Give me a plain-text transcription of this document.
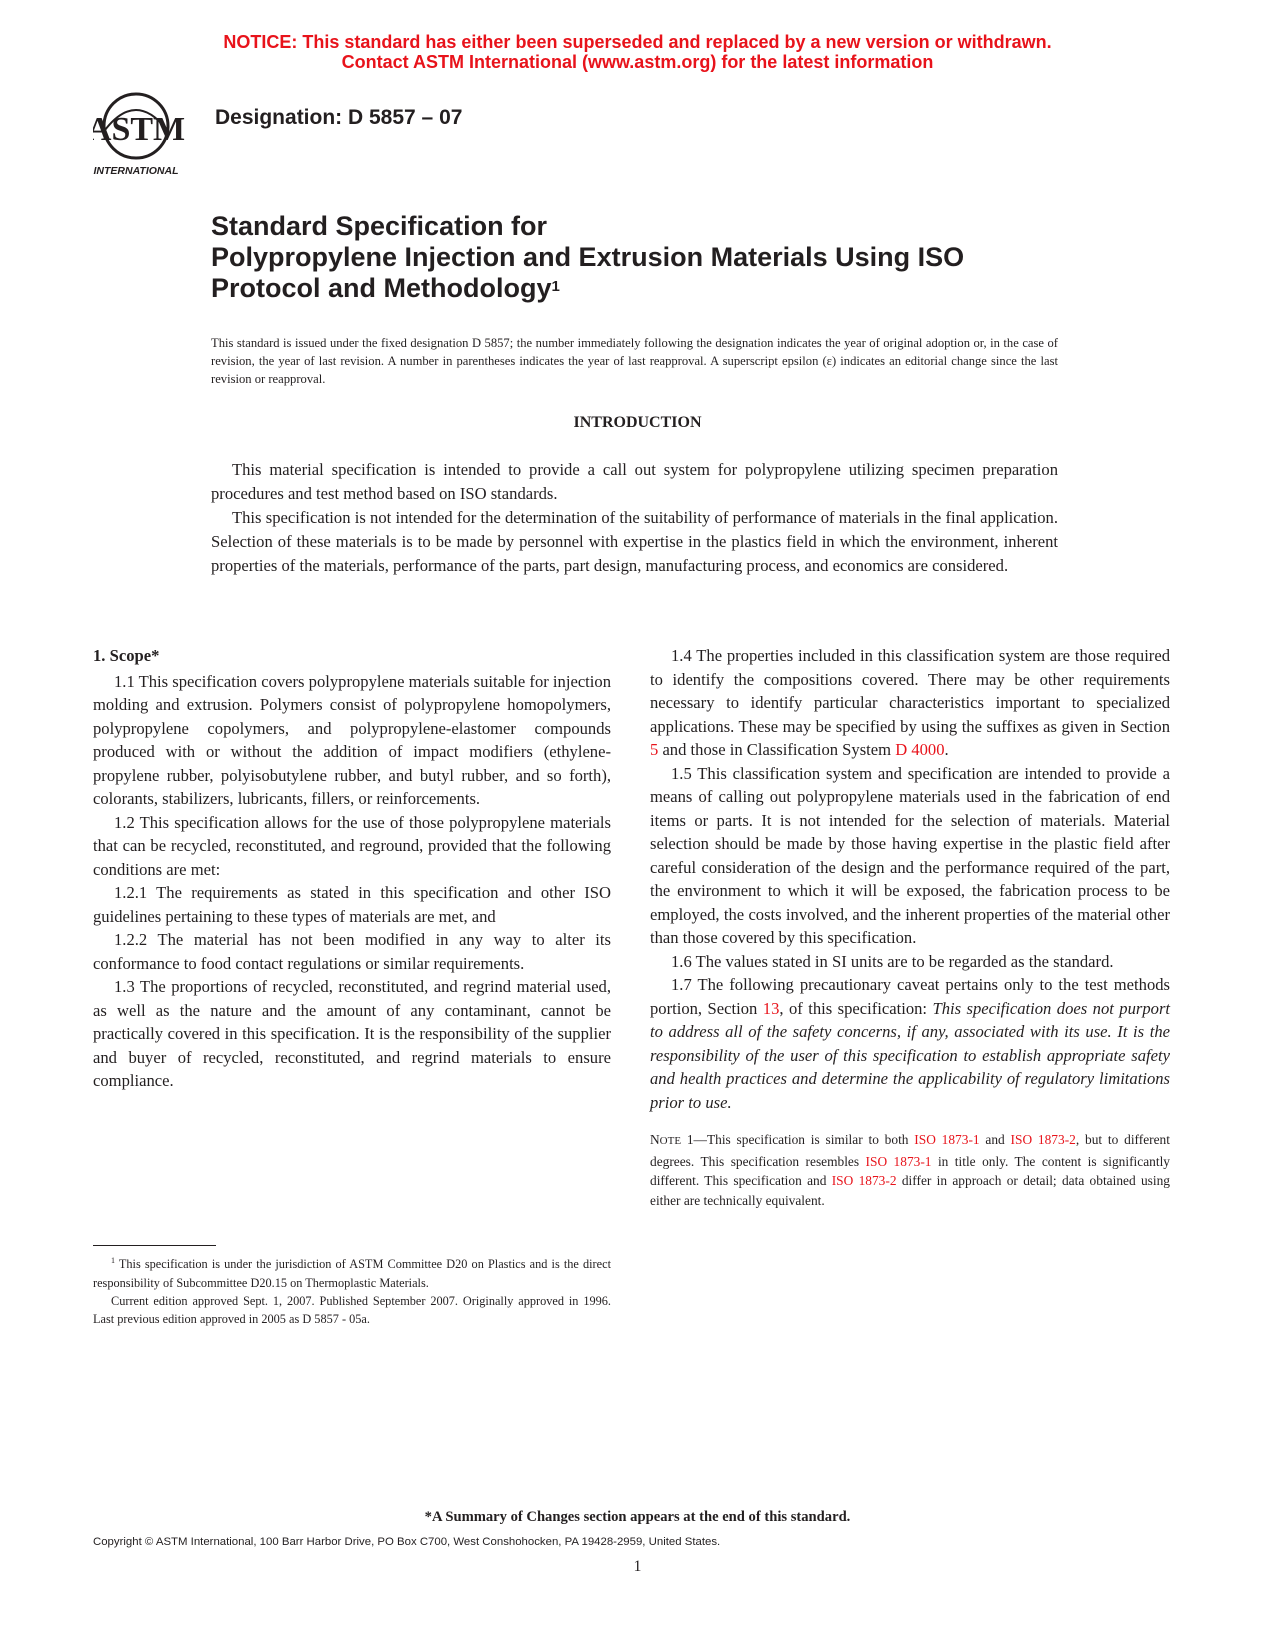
NOTICE: This standard has either been superseded and replaced by a new version or withdrawn.
Contact ASTM International (www.astm.org) for the latest information
ASTM
INTERNATIONAL
Designation: D 5857 – 07
Standard Specification for
Polypropylene Injection and Extrusion Materials Using ISO
Protocol and Methodology$^1$
This standard is issued under the fixed designation D 5857; the number immediately following the designation indicates the year of original adoption or, in the case of revision, the year of last revision. A number in parentheses indicates the year of last reapproval. A superscript epsilon (ε) indicates an editorial change since the last revision or reapproval.
INTRODUCTION

This material specification is intended to provide a call out system for polypropylene utilizing specimen preparation procedures and test method based on ISO standards.

This specification is not intended for the determination of the suitability of performance of materials in the final application. Selection of these materials is to be made by personnel with expertise in the plastics field in which the environment, inherent properties of the materials, performance of the parts, part design, manufacturing process, and economics are considered.

1. Scope*

1.1 This specification covers polypropylene materials suitable for injection molding and extrusion. Polymers consist of polypropylene homopolymers, polypropylene copolymers, and polypropylene-elastomer compounds produced with or without the addition of impact modifiers (ethylene-propylene rubber, polyisobutylene rubber, and butyl rubber, and so forth), colorants, stabilizers, lubricants, fillers, or reinforcements.

1.2 This specification allows for the use of those polypropylene materials that can be recycled, reconstituted, and reground, provided that the following conditions are met:

1.2.1 The requirements as stated in this specification and other ISO guidelines pertaining to these types of materials are met, and

1.2.2 The material has not been modified in any way to alter its conformance to food contact regulations or similar requirements.

1.3 The proportions of recycled, reconstituted, and regrind material used, as well as the nature and the amount of any contaminant, cannot be practically covered in this specification. It is the responsibility of the supplier and buyer of recycled, reconstituted, and regrind materials to ensure compliance.

1.4 The properties included in this classification system are those required to identify the compositions covered. There may be other requirements necessary to identify particular characteristics important to specialized applications. These may be specified by using the suffixes as given in Section 5 and those in Classification System D 4000.

1.5 This classification system and specification are intended to provide a means of calling out polypropylene materials used in the fabrication of end items or parts. It is not intended for the selection of materials. Material selection should be made by those having expertise in the plastic field after careful consideration of the design and the performance required of the part, the environment to which it will be exposed, the fabrication process to be employed, the costs involved, and the inherent properties of the material other than those covered by this specification.

1.6 The values stated in SI units are to be regarded as the standard.

1.7 The following precautionary caveat pertains only to the test methods portion, Section 13, of this specification: This specification does not purport to address all of the safety concerns, if any, associated with its use. It is the responsibility of the user of this specification to establish appropriate safety and health practices and determine the applicability of regulatory limitations prior to use.

NOTE 1—This specification is similar to both ISO 1873-1 and ISO 1873-2, but to different degrees. This specification resembles ISO 1873-1 in title only. The content is significantly different. This specification and ISO 1873-2 differ in approach or detail; data obtained using either are technically equivalent.

$^1$ This specification is under the jurisdiction of ASTM Committee D20 on Plastics and is the direct responsibility of Subcommittee D20.15 on Thermoplastic Materials.

Current edition approved Sept. 1, 2007. Published September 2007. Originally approved in 1996. Last previous edition approved in 2005 as D 5857 - 05a.

*A Summary of Changes section appears at the end of this standard.
Copyright © ASTM International, 100 Barr Harbor Drive, PO Box C700, West Conshohocken, PA 19428-2959, United States.
1
